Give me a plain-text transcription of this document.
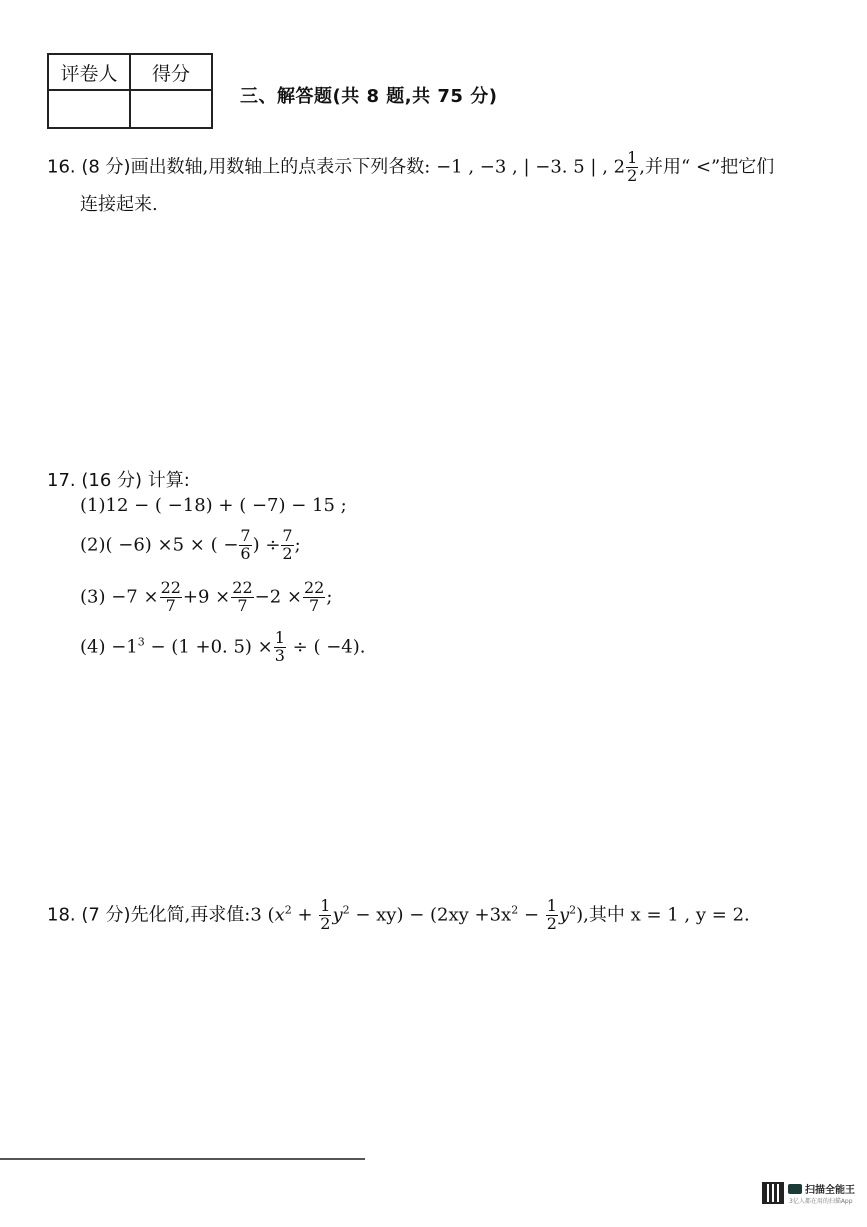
评卷人	得分

三、解答题(共 8 题,共 75 分)
16. (8 分)画出数轴,用数轴上的点表示下列各数: −1 , −3 , | −3. 5 | , $2 \frac{1}{2}$ ,并用“ <”把它们
连接起来.
17. (16 分) 计算:
(1)12 − ( −18) + ( −7) − 15 ;
(2)( −6) ×5 × ( − $\frac{7}{6}$ ) ÷ $\frac{7}{2}$ ;
$(3) -7 \times \frac{22}{7} +9 \times \frac{22}{7} -2 \times \frac{22}{7}$ ;
$(4) -1^3 - (1 +0$. $5) \times \frac{1}{3}$ ÷ ( −4).
18. (7 分)先化简,再求值:3 $(x^2 + \frac{1}{2} y^2 - xy) - (2xy +3x^2 - \frac{1}{2} y^2)$,其中 x = 1 , y = 2.
扫描全能王
3亿人都在用的扫描App
